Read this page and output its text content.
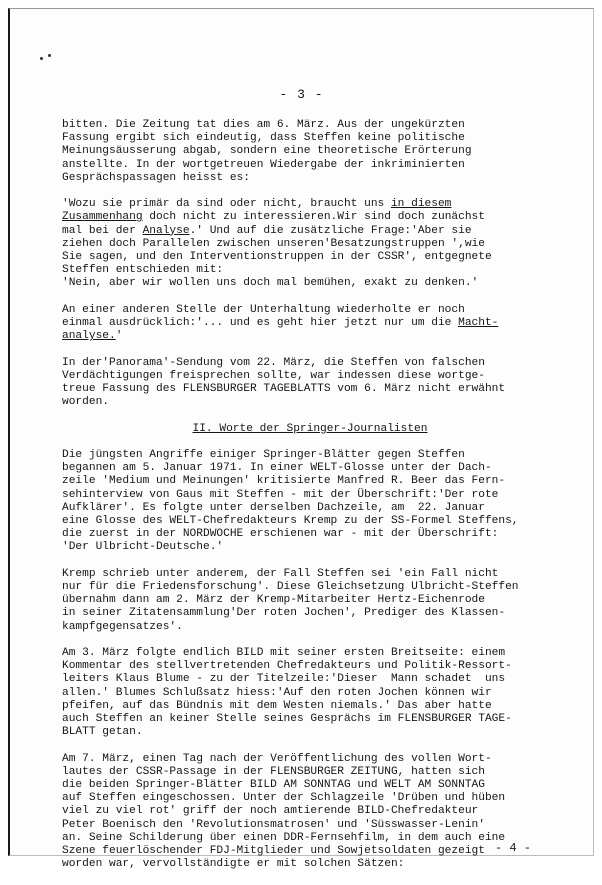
- 3 -
bitten. Die Zeitung tat dies am 6. März. Aus der ungekürzten
Fassung ergibt sich eindeutig, dass Steffen keine politische
Meinungsäusserung abgab, sondern eine theoretische Erörterung
anstellte. In der wortgetreuen Wiedergabe der inkriminierten
Gesprächspassagen heisst es:
'Wozu sie primär da sind oder nicht, braucht uns in diesem
Zusammenhang doch nicht zu interessieren.Wir sind doch zunächst
mal bei der Analyse.' Und auf die zusätzliche Frage:'Aber sie
ziehen doch Parallelen zwischen unseren'Besatzungstruppen ',wie
Sie sagen, und den Interventionstruppen in der CSSR', entgegnete
Steffen entschieden mit:
'Nein, aber wir wollen uns doch mal bemühen, exakt zu denken.'
An einer anderen Stelle der Unterhaltung wiederholte er noch
einmal ausdrücklich:'... und es geht hier jetzt nur um die Macht-
analyse.'
In der'Panorama'-Sendung vom 22. März, die Steffen von falschen
Verdächtigungen freisprechen sollte, war indessen diese wortge-
treue Fassung des FLENSBURGER TAGEBLATTS vom 6. März nicht erwähnt
worden.
II. Worte der Springer-Journalisten
Die jüngsten Angriffe einiger Springer-Blätter gegen Steffen
begannen am 5. Januar 1971. In einer WELT-Glosse unter der Dach-
zeile 'Medium und Meinungen' kritisierte Manfred R. Beer das Fern-
sehinterview von Gaus mit Steffen - mit der Überschrift:'Der rote
Aufklärer'. Es folgte unter derselben Dachzeile, am  22. Januar
eine Glosse des WELT-Chefredakteurs Kremp zu der SS-Formel Steffens,
die zuerst in der NORDWOCHE erschienen war - mit der Überschrift:
'Der Ulbricht-Deutsche.'
Kremp schrieb unter anderem, der Fall Steffen sei 'ein Fall nicht
nur für die Friedensforschung'. Diese Gleichsetzung Ulbricht-Steffen
übernahm dann am 2. März der Kremp-Mitarbeiter Hertz-Eichenrode
in seiner Zitatensammlung'Der roten Jochen', Prediger des Klassen-
kampfgegensatzes'.
Am 3. März folgte endlich BILD mit seiner ersten Breitseite: einem
Kommentar des stellvertretenden Chefredakteurs und Politik-Ressort-
leiters Klaus Blume - zu der Titelzeile:'Dieser  Mann schadet  uns
allen.' Blumes Schlußsatz hiess:'Auf den roten Jochen können wir
pfeifen, auf das Bündnis mit dem Westen niemals.' Das aber hatte
auch Steffen an keiner Stelle seines Gesprächs im FLENSBURGER TAGE-
BLATT getan.
Am 7. März, einen Tag nach der Veröffentlichung des vollen Wort-
lautes der CSSR-Passage in der FLENSBURGER ZEITUNG, hatten sich
die beiden Springer-Blätter BILD AM SONNTAG und WELT AM SONNTAG
auf Steffen eingeschossen. Unter der Schlagzeile 'Drüben und hüben
viel zu viel rot' griff der noch amtierende BILD-Chefredakteur
Peter Boenisch den 'Revolutionsmatrosen' und 'Süsswasser-Lenin'
an. Seine Schilderung über einen DDR-Fernsehfilm, in dem auch eine
Szene feuerlöschender FDJ-Mitglieder und Sowjetsoldaten gezeigt
worden war, vervollständigte er mit solchen Sätzen:
- 4 -
